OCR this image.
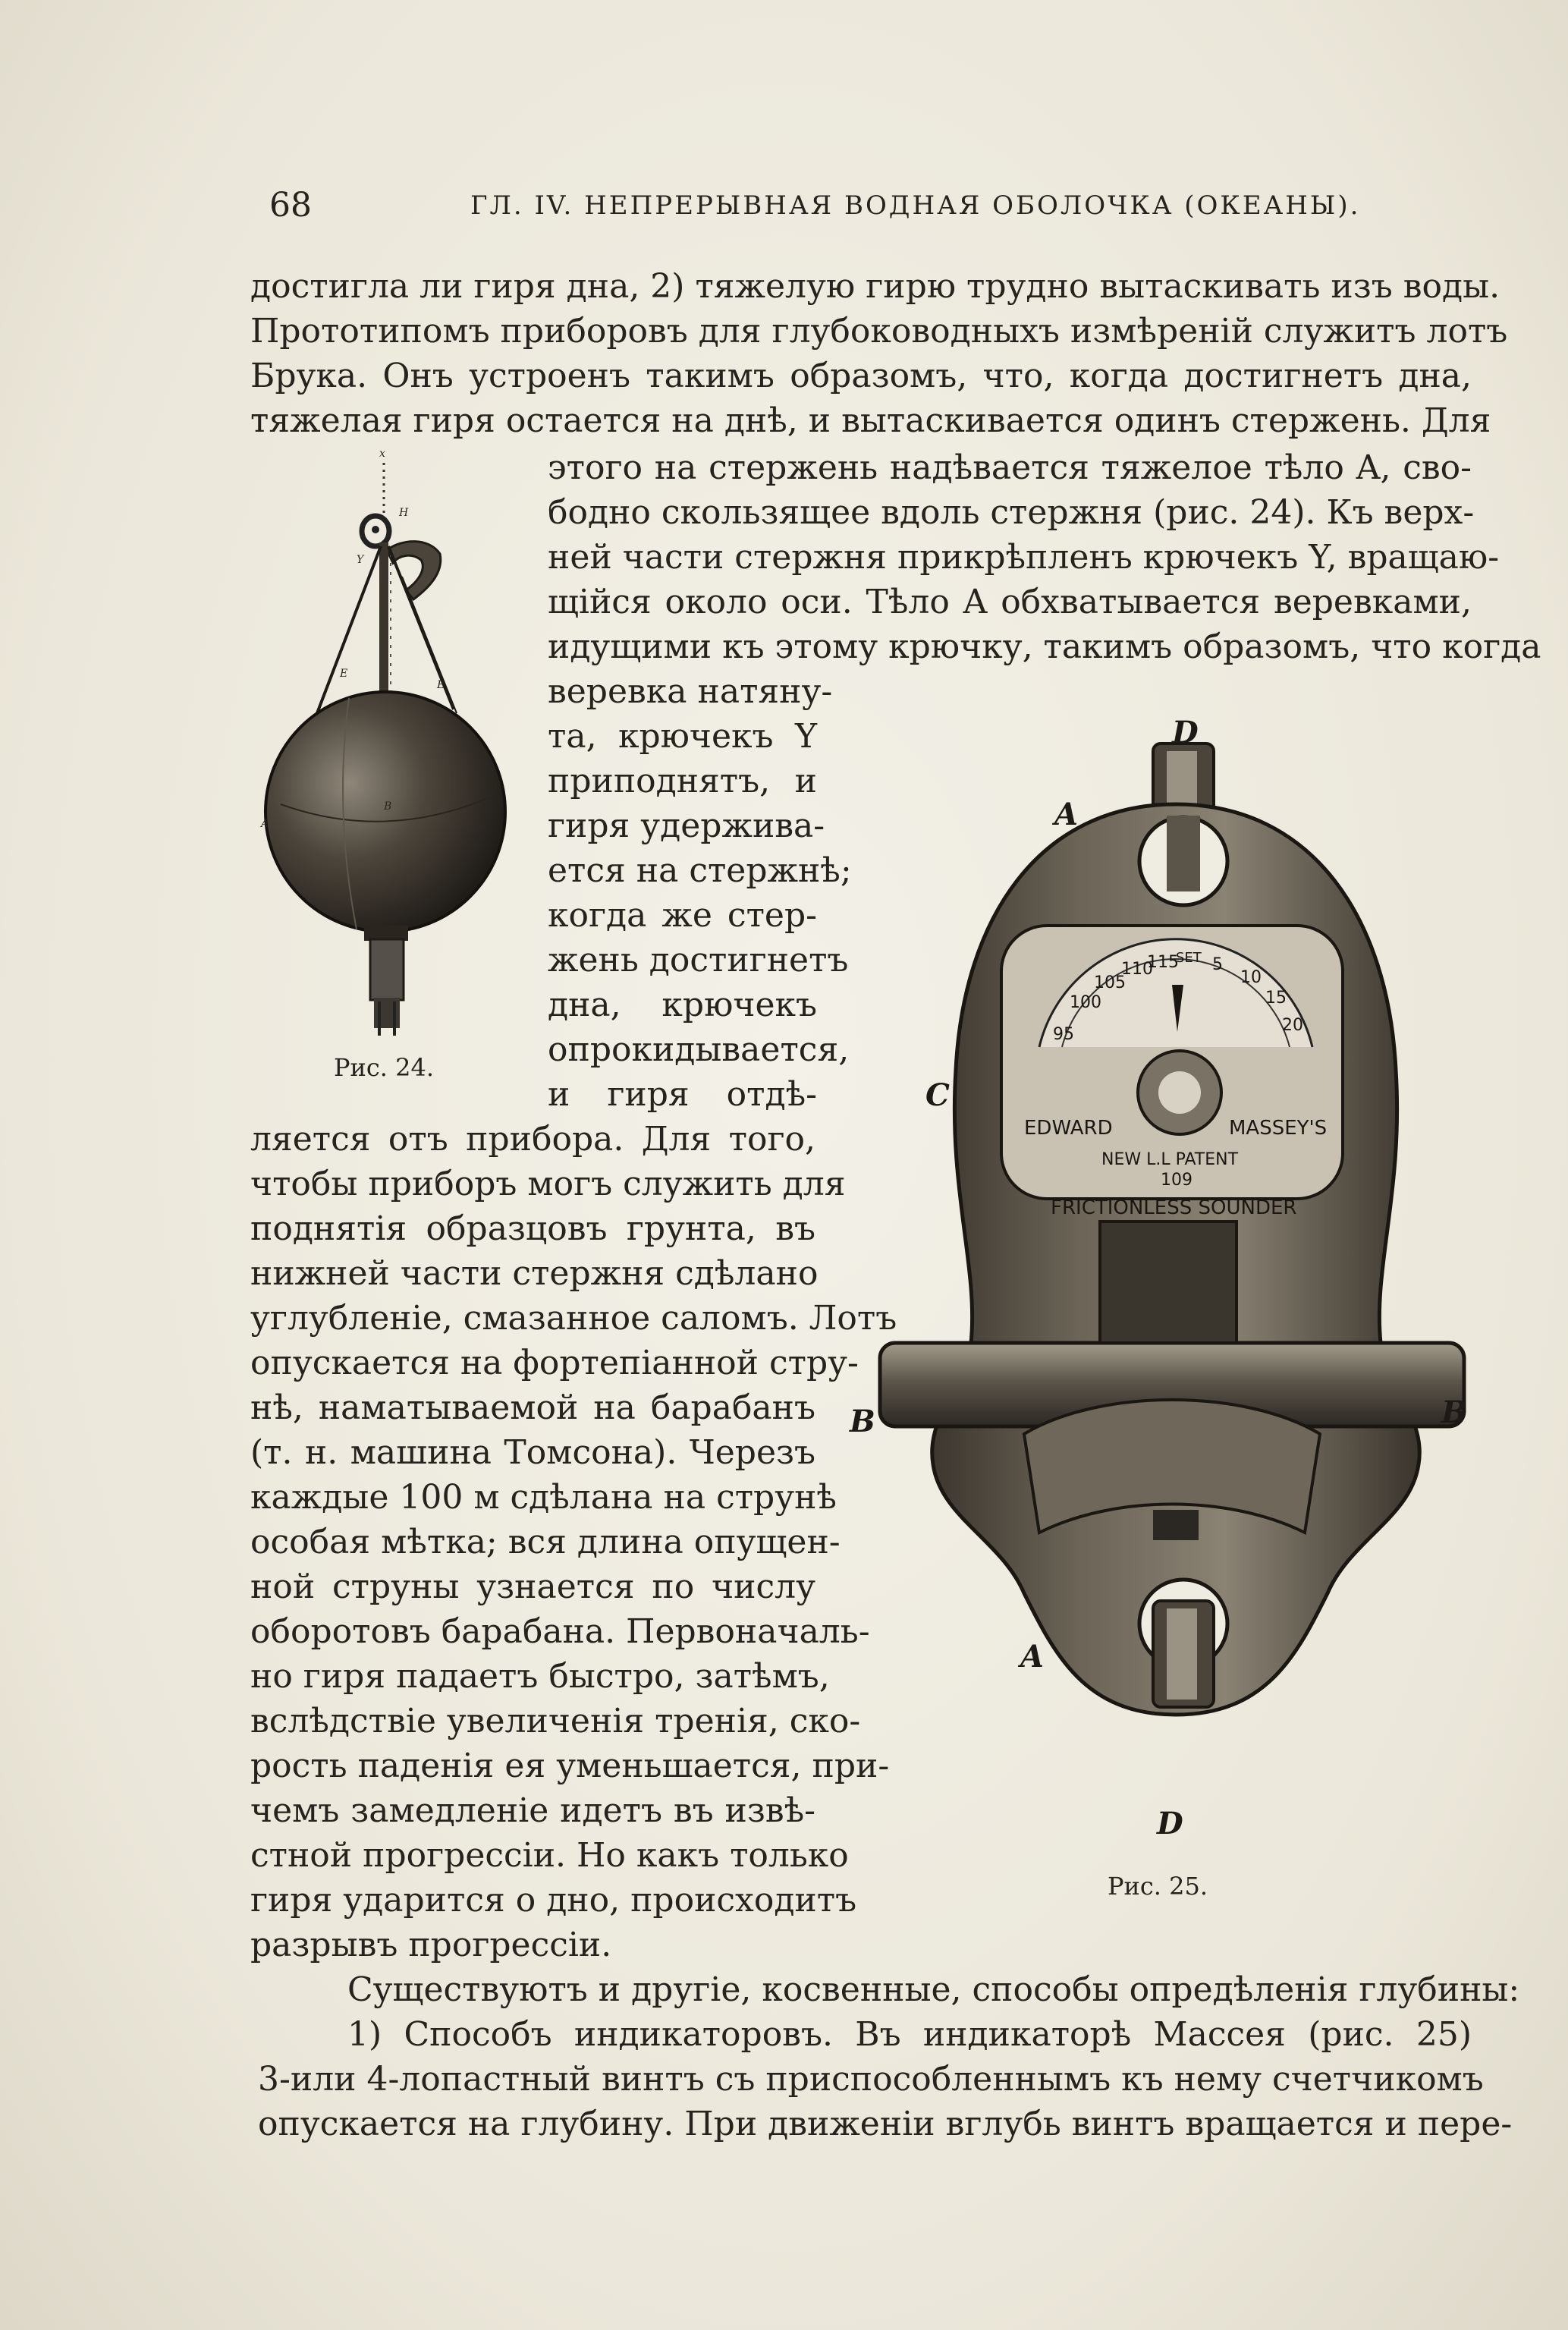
68	ГЛ. IV. НЕПРЕРЫВНАЯ ВОДНАЯ ОБОЛОЧКА (ОКЕАНЫ).
достигла ли гиря дна, 2) тяжелую гирю трудно вытаскивать изъ воды.
Прототипомъ приборовъ для глубоководныхъ измѣреній служитъ лотъ
Брука. Онъ устроенъ такимъ образомъ, что, когда достигнетъ дна,
тяжелая гиря остается на днѣ, и вытаскивается одинъ стержень. Для
этого на стержень надѣвается тяжелое тѣло A, сво-
бодно скользящее вдоль стержня (рис. 24). Къ верх-
ней части стержня прикрѣпленъ крючекъ Y, вращаю-
щійся около оси. Тѣло A обхватывается веревками,
идущими къ этому крючку, такимъ образомъ, что когда
веревка натяну-
та, крючекъ Y
приподнятъ, и
гиря удержива-
ется на стержнѣ;
когда же стер-
жень достигнетъ
дна, крючекъ
опрокидывается,
и гиря отдѣ-
ляется отъ прибора. Для того,
чтобы приборъ могъ служить для
поднятія образцовъ грунта, въ
нижней части стержня сдѣлано
углубленіе, смазанное саломъ. Лотъ
опускается на фортепіанной стру-
нѣ, наматываемой на барабанъ
(т. н. машина Томсона). Черезъ
каждые 100 м сдѣлана на струнѣ
особая мѣтка; вся длина опущен-
ной струны узнается по числу
оборотовъ барабана. Первоначаль-
но гиря падаетъ быстро, затѣмъ,
вслѣдствіе увеличенія тренія, ско-
рость паденія ея уменьшается, при-
чемъ замедленіе идетъ въ извѣ-
стной прогрессіи. Но какъ только
гиря ударится о дно, происходитъ
разрывъ прогрессіи.
Существуютъ и другіе, косвенные, способы опредѣленія глубины:
1) Способъ индикаторовъ. Въ индикаторѣ Массея (рис. 25)
3-или 4-лопастный винтъ съ приспособленнымъ къ нему счетчикомъ
опускается на глубину. При движеніи вглубь винтъ вращается и пере-
x
H
Y
E
E
B
A
Рис. 24.
95
100
105
110
115
SET 5
10
15
20
EDWARD	MASSEY'S
NEW L.L PATENT
109
FRICTIONLESS SOUNDER
D
A
C
B	B
A
D
Рис. 25.
